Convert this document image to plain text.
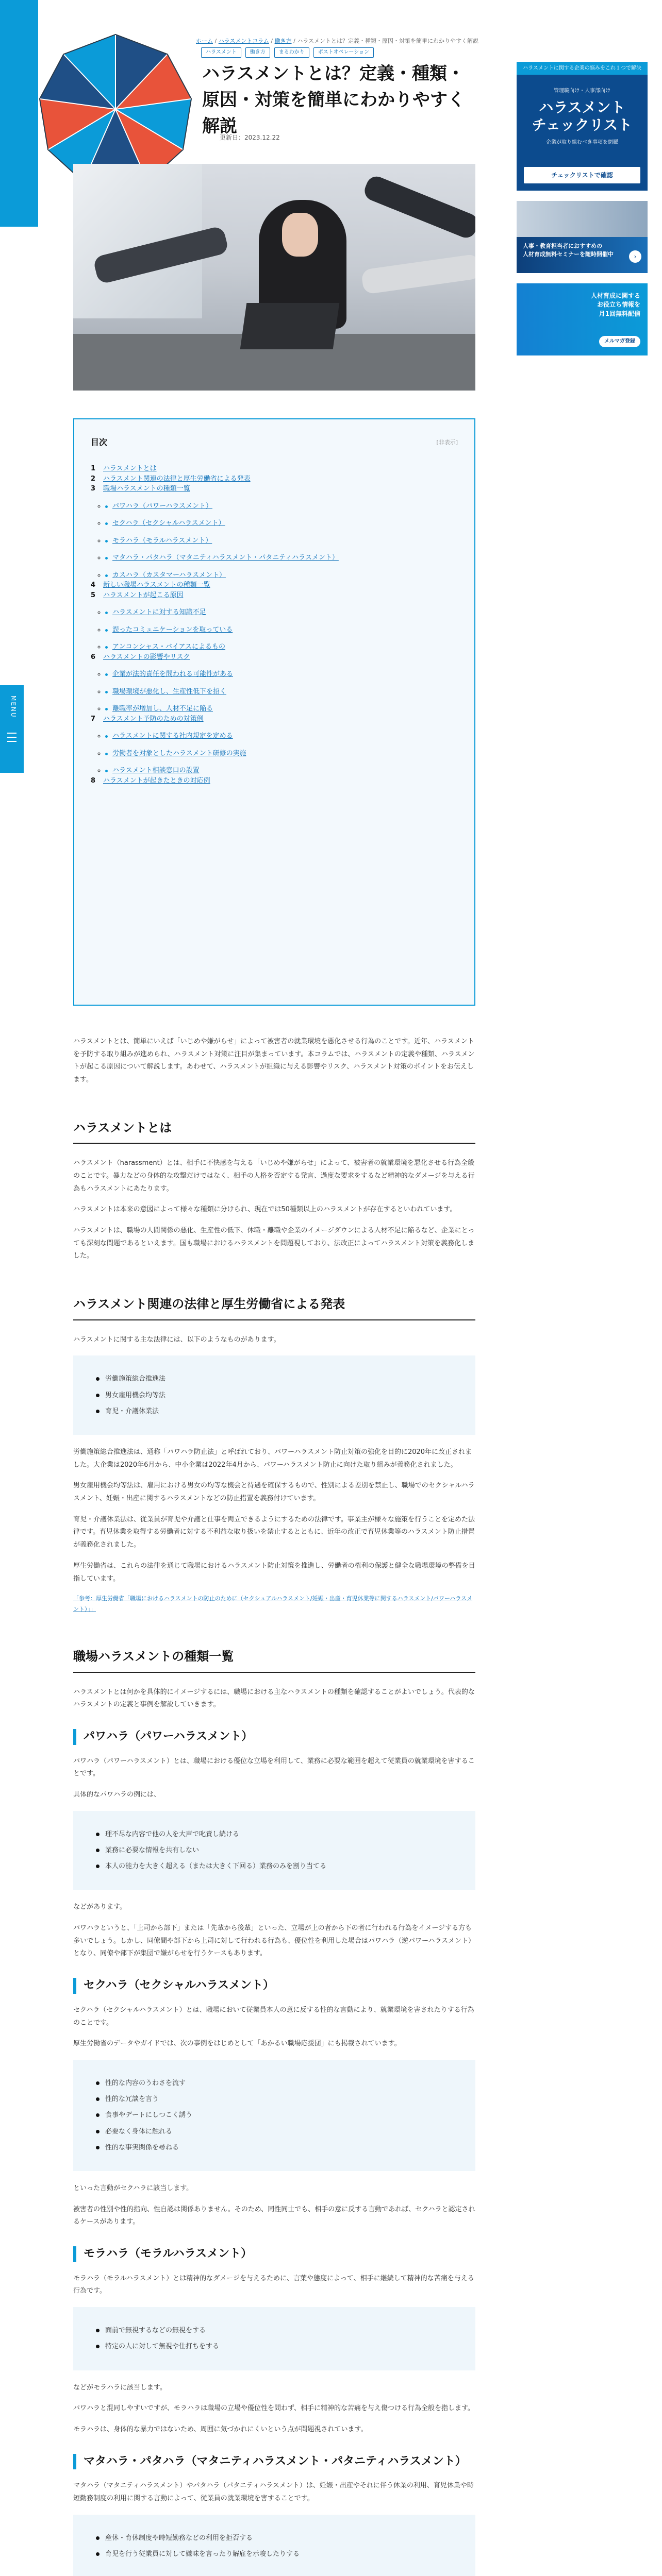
MENU
ホーム / ハラスメントコラム / 働き方 / ハラスメントとは？定義・種類・原因・対策を簡単にわかりやすく解説
ハラスメント	働き方	まるわかり	ポストオペレーション
ハラスメントとは？定義・種類・原因・対策を簡単にわかりやすく解説
更新日：2023.12.22
目次	[非表示]
1 ハラスメントとは
2 ハラスメント関連の法律と厚生労働省による発表
3 職場ハラスメントの種類一覧
◦ パワハラ（パワーハラスメント）
◦ セクハラ（セクシャルハラスメント）
◦ モラハラ（モラルハラスメント）
◦ マタハラ・パタハラ（マタニティハラスメント・パタニティハラスメント）
◦ カスハラ（カスタマーハラスメント）
4 新しい職場ハラスメントの種類一覧
5 ハラスメントが起こる原因
◦ ハラスメントに対する知識不足
◦ 誤ったコミュニケーションを取っている
◦ アンコンシャス・バイアスによるもの
6 ハラスメントの影響やリスク
◦ 企業が法的責任を問われる可能性がある
◦ 職場環境が悪化し、生産性低下を招く
◦ 離職率が増加し、人材不足に陥る
7 ハラスメント予防のための対策例
◦ ハラスメントに関する社内規定を定める
◦ 労働者を対象としたハラスメント研修の実施
◦ ハラスメント相談窓口の設置
8 ハラスメントが起きたときの対応例

ハラスメントとは、簡単にいえば「いじめや嫌がらせ」によって被害者の就業環境を悪化させる行為のことです。近年、ハラスメントを予防する取り組みが進められ、ハラスメント対策に注目が集まっています。本コラムでは、ハラスメントの定義や種類、ハラスメントが起こる原因について解説します。あわせて、ハラスメントが組織に与える影響やリスク、ハラスメント対策のポイントをお伝えします。

ハラスメントとは

ハラスメント（harassment）とは、相手に不快感を与える「いじめや嫌がらせ」によって、被害者の就業環境を悪化させる行為全般のことです。暴力などの身体的な攻撃だけではなく、相手の人格を否定する発言、過度な要求をするなど精神的なダメージを与える行為もハラスメントにあたります。

ハラスメントは本来の意図によって様々な種類に分けられ、現在では50種類以上のハラスメントが存在するといわれています。

ハラスメントは、職場の人間関係の悪化、生産性の低下、休職・離職や企業のイメージダウンによる人材不足に陥るなど、企業にとっても深刻な問題であるといえます。国も職場におけるハラスメントを問題視しており、法改正によってハラスメント対策を義務化しました。

ハラスメント関連の法律と厚生労働省による発表

ハラスメントに関する主な法律には、以下のようなものがあります。

労働施策総合推進法
男女雇用機会均等法
育児・介護休業法

労働施策総合推進法は、通称「パワハラ防止法」と呼ばれており、パワーハラスメント防止対策の強化を目的に2020年に改正されました。大企業は2020年6月から、中小企業は2022年4月から、パワーハラスメント防止に向けた取り組みが義務化されました。

男女雇用機会均等法は、雇用における男女の均等な機会と待遇を確保するもので、性別による差別を禁止し、職場でのセクシャルハラスメント、妊娠・出産に関するハラスメントなどの防止措置を義務付けています。

育児・介護休業法は、従業員が育児や介護と仕事を両立できるようにするための法律です。事業主が様々な施策を行うことを定めた法律です。育児休業を取得する労働者に対する不利益な取り扱いを禁止するとともに、近年の改正で育児休業等のハラスメント防止措置が義務化されました。

厚生労働省は、これらの法律を通じて職場におけるハラスメント防止対策を推進し、労働者の権利の保護と健全な職場環境の整備を目指しています。

「参考：厚生労働省「職場におけるハラスメントの防止のために（セクシュアルハラスメント/妊娠・出産・育児休業等に関するハラスメント/パワーハラスメント）」」
職場ハラスメントの種類一覧

ハラスメントとは何かを具体的にイメージするには、職場における主なハラスメントの種類を確認することがよいでしょう。代表的なハラスメントの定義と事例を解説していきます。

パワハラ（パワーハラスメント）

パワハラ（パワーハラスメント）とは、職場における優位な立場を利用して、業務に必要な範囲を超えて従業員の就業環境を害することです。

具体的なパワハラの例には、

理不尽な内容で他の人を大声で叱責し続ける
業務に必要な情報を共有しない
本人の能力を大きく超える（または大きく下回る）業務のみを割り当てる

などがあります。

パワハラというと、「上司から部下」または「先輩から後輩」といった、立場が上の者から下の者に行われる行為をイメージする方も多いでしょう。しかし、同僚間や部下から上司に対して行われる行為も、優位性を利用した場合はパワハラ（逆パワーハラスメント）となり、同僚や部下が集団で嫌がらせを行うケースもあります。

セクハラ（セクシャルハラスメント）

セクハラ（セクシャルハラスメント）とは、職場において従業員本人の意に反する性的な言動により、就業環境を害されたりする行為のことです。

厚生労働省のデータやガイドでは、次の事例をはじめとして「あかるい職場応援団」にも掲載されています。

性的な内容のうわさを流す
性的な冗談を言う
食事やデートにしつこく誘う
必要なく身体に触れる
性的な事実関係を尋ねる

といった言動がセクハラに該当します。

被害者の性別や性的指向、性自認は関係ありません。そのため、同性同士でも、相手の意に反する言動であれば、セクハラと認定されるケースがあります。

モラハラ（モラルハラスメント）

モラハラ（モラルハラスメント）とは精神的なダメージを与えるために、言葉や態度によって、相手に継続して精神的な苦痛を与える行為です。

面前で無視するなどの無視をする
特定の人に対して無視や仕打ちをする

などがモラハラに該当します。

パワハラと混同しやすいですが、モラハラは職場の立場や優位性を問わず、相手に精神的な苦痛を与え傷つける行為全般を指します。

モラハラは、身体的な暴力ではないため、周囲に気づかれにくいという点が問題視されています。

マタハラ・パタハラ（マタニティハラスメント・パタニティハラスメント）

マタハラ（マタニティハラスメント）やパタハラ（パタニティハラスメント）は、妊娠・出産やそれに伴う休業の利用、育児休業や時短勤務制度の利用に関する言動によって、従業員の就業環境を害することです。

産休・育休制度や時短勤務などの利用を拒否する
育児を行う従業員に対して嫌味を言ったり解雇を示唆したりする

ハラスメントに関する企業の悩みをこれ１つで解決
管理職向け・人事部向け
ハラスメント
チェックリスト
企業が取り組むべき事項を網羅
チェックリストで確認
人事・教育担当者におすすめの
人材育成無料セミナーを随時開催中	›
人材育成に関する
お役立ち情報を
月1回無料配信
メルマガ登録
